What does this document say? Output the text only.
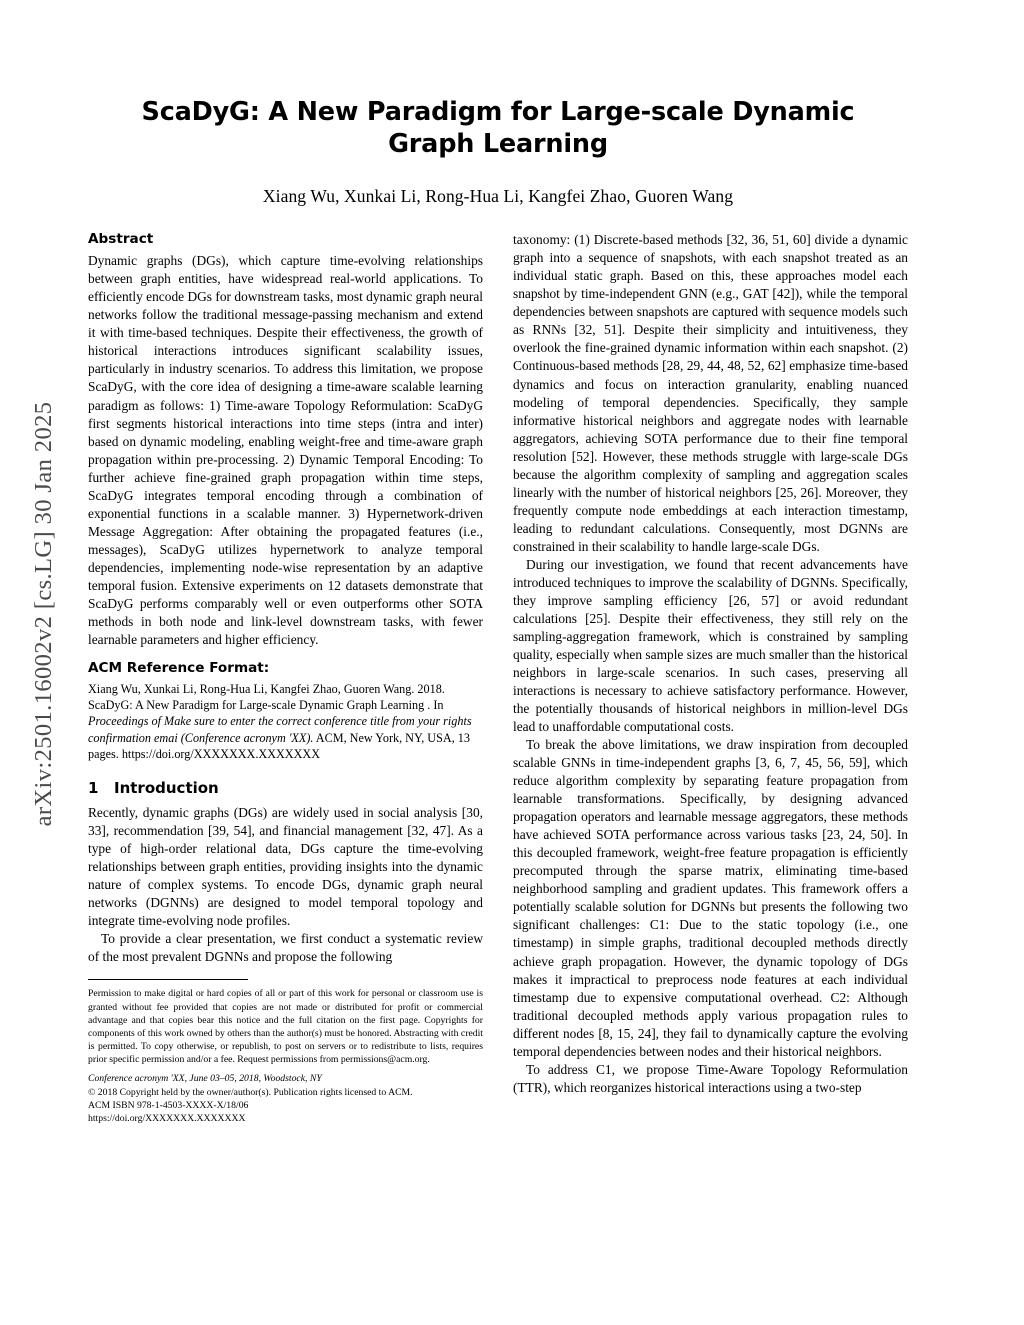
arXiv:2501.16002v2 [cs.LG] 30 Jan 2025
ScaDyG: A New Paradigm for Large-scale Dynamic Graph Learning
Xiang Wu, Xunkai Li, Rong-Hua Li, Kangfei Zhao, Guoren Wang
Abstract

Dynamic graphs (DGs), which capture time-evolving relationships between graph entities, have widespread real-world applications. To efficiently encode DGs for downstream tasks, most dynamic graph neural networks follow the traditional message-passing mechanism and extend it with time-based techniques. Despite their effectiveness, the growth of historical interactions introduces significant scalability issues, particularly in industry scenarios. To address this limitation, we propose ScaDyG, with the core idea of designing a time-aware scalable learning paradigm as follows: 1) Time-aware Topology Reformulation: ScaDyG first segments historical interactions into time steps (intra and inter) based on dynamic modeling, enabling weight-free and time-aware graph propagation within pre-processing. 2) Dynamic Temporal Encoding: To further achieve fine-grained graph propagation within time steps, ScaDyG integrates temporal encoding through a combination of exponential functions in a scalable manner. 3) Hypernetwork-driven Message Aggregation: After obtaining the propagated features (i.e., messages), ScaDyG utilizes hypernetwork to analyze temporal dependencies, implementing node-wise representation by an adaptive temporal fusion. Extensive experiments on 12 datasets demonstrate that ScaDyG performs comparably well or even outperforms other SOTA methods in both node and link-level downstream tasks, with fewer learnable parameters and higher efficiency.

ACM Reference Format:
Xiang Wu, Xunkai Li, Rong-Hua Li, Kangfei Zhao, Guoren Wang. 2018. ScaDyG: A New Paradigm for Large-scale Dynamic Graph Learning . In Proceedings of Make sure to enter the correct conference title from your rights confirmation emai (Conference acronym 'XX). ACM, New York, NY, USA, 13 pages. https://doi.org/XXXXXXX.XXXXXXX
1 Introduction

Recently, dynamic graphs (DGs) are widely used in social analysis [30, 33], recommendation [39, 54], and financial management [32, 47]. As a type of high-order relational data, DGs capture the time-evolving relationships between graph entities, providing insights into the dynamic nature of complex systems. To encode DGs, dynamic graph neural networks (DGNNs) are designed to model temporal topology and integrate time-evolving node profiles.

To provide a clear presentation, we first conduct a systematic review of the most prevalent DGNNs and propose the following

Permission to make digital or hard copies of all or part of this work for personal or classroom use is granted without fee provided that copies are not made or distributed for profit or commercial advantage and that copies bear this notice and the full citation on the first page. Copyrights for components of this work owned by others than the author(s) must be honored. Abstracting with credit is permitted. To copy otherwise, or republish, to post on servers or to redistribute to lists, requires prior specific permission and/or a fee. Request permissions from permissions@acm.org.

Conference acronym 'XX, June 03–05, 2018, Woodstock, NY

© 2018 Copyright held by the owner/author(s). Publication rights licensed to ACM.

ACM ISBN 978-1-4503-XXXX-X/18/06

https://doi.org/XXXXXXX.XXXXXXX

taxonomy: (1) Discrete-based methods [32, 36, 51, 60] divide a dynamic graph into a sequence of snapshots, with each snapshot treated as an individual static graph. Based on this, these approaches model each snapshot by time-independent GNN (e.g., GAT [42]), while the temporal dependencies between snapshots are captured with sequence models such as RNNs [32, 51]. Despite their simplicity and intuitiveness, they overlook the fine-grained dynamic information within each snapshot. (2) Continuous-based methods [28, 29, 44, 48, 52, 62] emphasize time-based dynamics and focus on interaction granularity, enabling nuanced modeling of temporal dependencies. Specifically, they sample informative historical neighbors and aggregate nodes with learnable aggregators, achieving SOTA performance due to their fine temporal resolution [52]. However, these methods struggle with large-scale DGs because the algorithm complexity of sampling and aggregation scales linearly with the number of historical neighbors [25, 26]. Moreover, they frequently compute node embeddings at each interaction timestamp, leading to redundant calculations. Consequently, most DGNNs are constrained in their scalability to handle large-scale DGs.

During our investigation, we found that recent advancements have introduced techniques to improve the scalability of DGNNs. Specifically, they improve sampling efficiency [26, 57] or avoid redundant calculations [25]. Despite their effectiveness, they still rely on the sampling-aggregation framework, which is constrained by sampling quality, especially when sample sizes are much smaller than the historical neighbors in large-scale scenarios. In such cases, preserving all interactions is necessary to achieve satisfactory performance. However, the potentially thousands of historical neighbors in million-level DGs lead to unaffordable computational costs.

To break the above limitations, we draw inspiration from decoupled scalable GNNs in time-independent graphs [3, 6, 7, 45, 56, 59], which reduce algorithm complexity by separating feature propagation from learnable transformations. Specifically, by designing advanced propagation operators and learnable message aggregators, these methods have achieved SOTA performance across various tasks [23, 24, 50]. In this decoupled framework, weight-free feature propagation is efficiently precomputed through the sparse matrix, eliminating time-based neighborhood sampling and gradient updates. This framework offers a potentially scalable solution for DGNNs but presents the following two significant challenges: C1: Due to the static topology (i.e., one timestamp) in simple graphs, traditional decoupled methods directly achieve graph propagation. However, the dynamic topology of DGs makes it impractical to preprocess node features at each individual timestamp due to expensive computational overhead. C2: Although traditional decoupled methods apply various propagation rules to different nodes [8, 15, 24], they fail to dynamically capture the evolving temporal dependencies between nodes and their historical neighbors.

To address C1, we propose Time-Aware Topology Reformulation (TTR), which reorganizes historical interactions using a two-step
